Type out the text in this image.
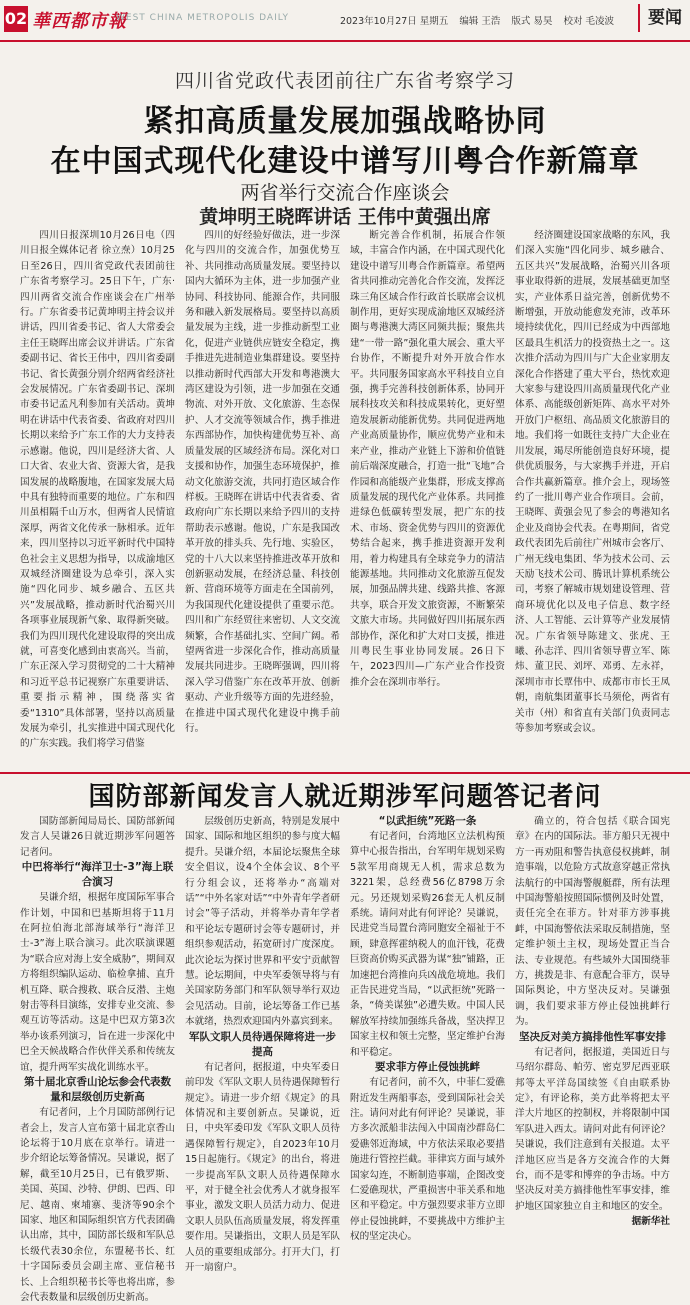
02 華西都市報
WEST CHINA METROPOLIS DAILY	2023年10月27日 星期五 编辑 王浩 版式 易昊 校对 毛凌波	要闻
四川省党政代表团前往广东省考察学习
紧扣高质量发展加强战略协同
在中国式现代化建设中谱写川粤合作新篇章
两省举行交流合作座谈会
黄坤明王晓晖讲话 王伟中黄强出席

四川日报深圳10月26日电（四川日报全媒体记者 徐立焘）10月25日至26日，四川省党政代表团前往广东省考察学习。25日下午，广东·四川两省交流合作座谈会在广州举行。广东省委书记黄坤明主持会议并讲话，四川省委书记、省人大常委会主任王晓晖出席会议并讲话。广东省委副书记、省长王伟中，四川省委副书记、省长黄强分别介绍两省经济社会发展情况。广东省委副书记、深圳市委书记孟凡利参加有关活动。黄坤明在讲话中代表省委、省政府对四川长期以来给予广东工作的大力支持表示感谢。他说，四川是经济大省、人口大省、农业大省、资源大省，是我国发展的战略腹地，在国家发展大局中具有独特而重要的地位。广东和四川虽相隔千山万水，但两省人民情谊深厚，两省文化传承一脉相承。近年来，四川坚持以习近平新时代中国特色社会主义思想为指导，以成渝地区双城经济圈建设为总牵引，深入实施“四化同步、城乡融合、五区共兴”发展战略，推动新时代治蜀兴川各项事业展现新气象、取得新突破。我们为四川现代化建设取得的突出成就，可喜变化感到由衷高兴。当前，广东正深入学习贯彻党的二十大精神和习近平总书记视察广东重要讲话、重要指示精神，围绕落实省委“1310”具体部署，坚持以高质量发展为牵引，扎实推进中国式现代化的广东实践。我们将学习借鉴

四川的好经验好做法，进一步深化与四川的交流合作，加强优势互补、共同推动高质量发展。要坚持以国内大循环为主体，进一步加强产业协同、科技协同、能源合作，共同服务和融入新发展格局。要坚持以高质量发展为主线，进一步推动新型工业化，促进产业链供应链安全稳定，携手推进先进制造业集群建设。要坚持以推动新时代西部大开发和粤港澳大湾区建设为引领，进一步加强在交通物流、对外开放、文化旅游、生态保护、人才交流等领域合作，携手推进东西部协作，加快构建优势互补、高质量发展的区域经济布局。深化对口支援和协作，加强生态环境保护，推动文化旅游交流，共同打造区域合作样板。王晓晖在讲话中代表省委、省政府向广东长期以来给予四川的支持帮助表示感谢。他说，广东是我国改革开放的排头兵、先行地、实验区，党的十八大以来坚持推进改革开放和创新驱动发展，在经济总量、科技创新、营商环境等方面走在全国前列，为我国现代化建设提供了重要示范。四川和广东经贸往来密切、人文交流频繁，合作基础扎实、空间广阔。希望两省进一步深化合作，推动高质量发展共同进步。王晓晖强调，四川将深入学习借鉴广东在改革开放、创新驱动、产业升级等方面的先进经验，在推进中国式现代化建设中携手前行。

断完善合作机制，拓展合作领域，丰富合作内涵，在中国式现代化建设中谱写川粤合作新篇章。希望两省共同推动完善化合作交流，发挥泛珠三角区域合作行政首长联席会议机制作用，更好实现成渝地区双城经济圈与粤港澳大湾区同频共振；聚焦共建“一带一路”强化重大展会、重大平台协作，不断提升对外开放合作水平。共同服务国家高水平科技自立自强，携手完善科技创新体系，协同开展科技攻关和科技成果转化，更好塑造发展新动能新优势。共同促进两地产业高质量协作，顺应优势产业和未来产业，推动产业链上下游和价值链前后端深度融合，打造一批“飞地”合作园和高能级产业集群，形成支撑高质量发展的现代化产业体系。共同推进绿色低碳转型发展，把广东的技术、市场、资金优势与四川的资源优势结合起来，携手推进资源开发利用，着力构建具有全球竞争力的清洁能源基地。共同推动文化旅游互促发展，加强品牌共建、线路共推、客源共享，联合开发文旅资源，不断繁荣文旅大市场。共同做好四川拓展东西部协作，深化和扩大对口支援，推进川粤民生事业协同发展。26日下午，2023四川—广东产业合作投资推介会在深圳市举行。

经济圈建设国家战略的东风，我们深入实施“四化同步、城乡融合、五区共兴”发展战略，治蜀兴川各项事业取得新的进展，发展基础更加坚实，产业体系日益完善，创新优势不断增强，开放动能愈发充沛，改革环境持续优化，四川已经成为中西部地区最具生机活力的投资热土之一。这次推介活动为四川与广大企业家朋友深化合作搭建了重大平台，热忱欢迎大家参与建设四川高质量现代化产业体系、高能级创新矩阵、高水平对外开放门户枢纽、高品质文化旅游目的地。我们将一如既往支持广大企业在川发展，竭尽所能创造良好环境，提供优质服务，与大家携手并进，开启合作共赢新篇章。推介会上，现场签约了一批川粤产业合作项目。会前，王晓晖、黄强会见了参会的粤港知名企业及商协会代表。在粤期间，省党政代表团先后前往广州城市会客厅、广州无线电集团、华为技术公司、云天励飞技术公司、腾讯计算机系统公司，考察了解城市规划建设管理、营商环境优化以及电子信息、数字经济、人工智能、云计算等产业发展情况。广东省领导陈建文、张虎、王曦、孙志洋、四川省领导曹立军、陈炜、董卫民、刘坪、邓勇、左永祥，深圳市市长覃伟中、成都市市长王凤朝，南航集团董事长马须伦，两省有关市（州）和省直有关部门负责同志等参加考察或会议。

国防部新闻发言人就近期涉军问题答记者问

国防部新闻局局长、国防部新闻发言人吴谦26日就近期涉军问题答记者问。

中巴将举行“海洋卫士-3”海上联合演习

吴谦介绍，根据年度国际军事合作计划，中国和巴基斯坦将于11月在阿拉伯海北部海域举行“海洋卫士-3”海上联合演习。此次联演课题为“联合应对海上安全威胁”，期间双方将组织编队运动、临检拿捕、直升机互降、联合搜救、联合反潜、主炮射击等科目演练，安排专业交流、参观互访等活动。这是中巴双方第3次举办该系列演习，旨在进一步深化中巴全天候战略合作伙伴关系和传统友谊，提升两军实战化训练水平。

第十届北京香山论坛参会代表数量和层级创历史新高

有记者问，上个月国防部例行记者会上，发言人宣布第十届北京香山论坛将于10月底在京举行。请进一步介绍论坛筹备情况。吴谦说，据了解，截至10月25日，已有俄罗斯、美国、英国、沙特、伊朗、巴西、印尼、越南、柬埔寨、斐济等90余个国家、地区和国际组织官方代表团确认出席，其中，国防部长级和军队总长级代表30余位，东盟秘书长、红十字国际委员会副主席、亚信秘书长、上合组织秘书长等也将出席，参会代表数量和层级创历史新高。

层级创历史新高，特别是发展中国家、国际和地区组织的参与度大幅提升。吴谦介绍，本届论坛聚焦全球安全倡议，设4个全体会议、8个平行分组会议，还将举办“高端对话”“中外名家对话”“中外青年学者研讨会”等子活动，并将举办青年学者和平论坛专题研讨会等专题研讨，并组织参观活动，拓宽研讨广度深度。此次论坛为探讨世界和平安宁贡献智慧。论坛期间，中央军委领导将与有关国家防务部门和军队领导举行双边会见活动。目前，论坛筹备工作已基本就绪，热烈欢迎国内外嘉宾到来。

军队文职人员待遇保障将进一步提高

有记者问，据报道，中央军委日前印发《军队文职人员待遇保障暂行规定》。请进一步介绍《规定》的具体情况和主要创新点。吴谦说，近日，中央军委印发《军队文职人员待遇保障暂行规定》，自2023年10月15日起施行。《规定》的出台，将进一步提高军队文职人员待遇保障水平，对于健全社会优秀人才就身报军事业，激发文职人员活力动力、促进文职人员队伍高质量发展，将发挥重要作用。吴谦指出，文职人员是军队人员的重要组成部分。打开大门，打开一扇窗户。

“以武拒统”死路一条

有记者问，台湾地区立法机构预算中心报告指出，台军明年规划采购5款军用商规无人机，需求总数为3221架，总经费56亿8798万余元。另还规划采购26套无人机反制系统。请问对此有何评论？吴谦说，民进党当局置台湾同胞安全福祉于不顾，肆意挥霍纳税人的血汗钱，花费巨资高价购买武器为谋“独”铺路，正加速把台湾推向兵凶战危境地。我们正告民进党当局，“以武拒统”死路一条，“倚美谋独”必遭失败。中国人民解放军持续加强练兵备战，坚决捍卫国家主权和领土完整，坚定维护台海和平稳定。

要求菲方停止侵蚀挑衅

有记者问，前不久，中菲仁爱礁附近发生两船事态，受到国际社会关注。请问对此有何评论？吴谦说，菲方多次派船非法闯入中国南沙群岛仁爱礁邻近海域，中方依法采取必要措施进行管控拦截。菲律宾方面与域外国家勾连，不断制造事端，企图改变仁爱礁现状，严重损害中菲关系和地区和平稳定。中方强烈要求菲方立即停止侵蚀挑衅，不要挑战中方维护主权的坚定决心。

确立的，符合包括《联合国宪章》在内的国际法。菲方船只无视中方一再劝阻和警告执意侵权挑衅，制造事端，以危险方式故意穿越正常执法航行的中国海警舰艇群，所有法理中国海警船按照国际惯例及时处置，责任完全在菲方。针对菲方涉事挑衅，中国海警依法采取反制措施，坚定维护领土主权，现场处置正当合法、专业规范。有些域外大国围绕菲方，挑拨是非、有意配合菲方，误导国际舆论，中方坚决反对。吴谦强调，我们要求菲方停止侵蚀挑衅行为。

坚决反对美方搞排他性军事安排

有记者问，据报道，美国近日与马绍尔群岛、帕劳、密克罗尼西亚联邦等太平洋岛国续签《自由联系协定》，有评论称，美方此举将把太平洋大片地区的控制权，并将限制中国军队进入西太。请问对此有何评论？吴谦说，我们注意到有关报道。太平洋地区应当是各方交流合作的大舞台，而不是零和博弈的争击场。中方坚决反对美方搞排他性军事安排，维护地区国家独立自主和地区的安全。

据新华社
